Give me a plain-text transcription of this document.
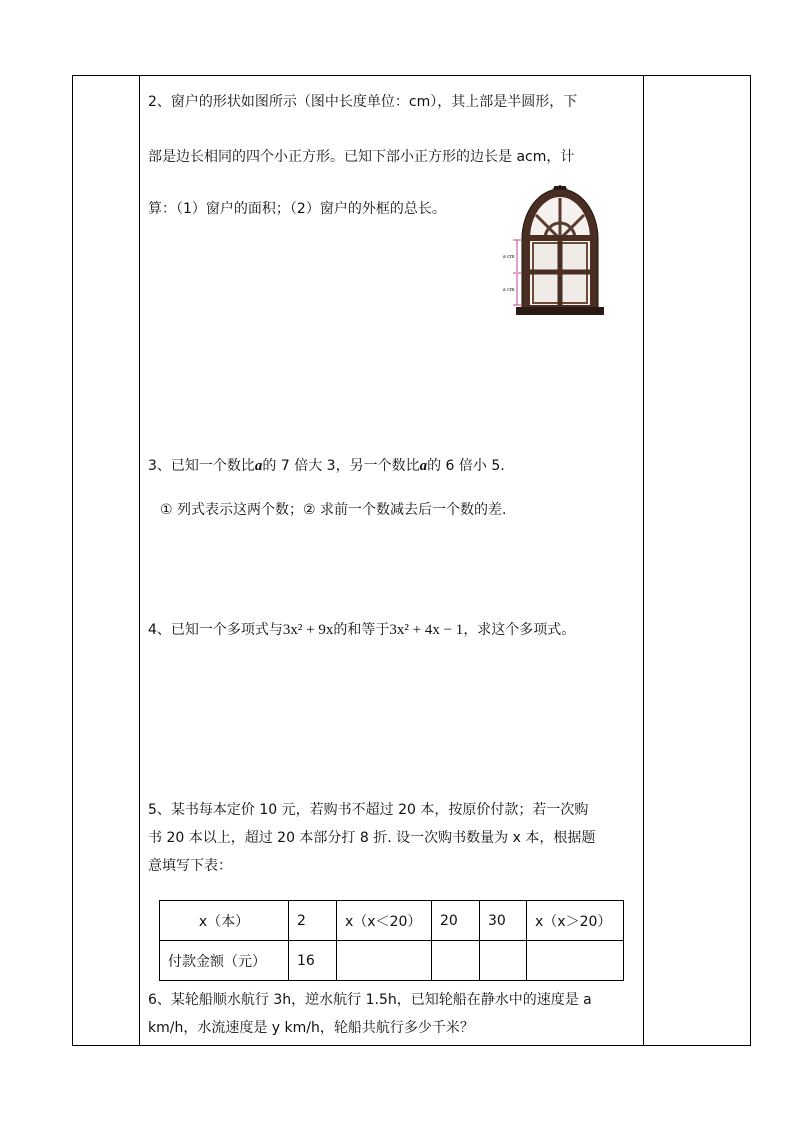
2、窗户的形状如图所示（图中长度单位：cm），其上部是半圆形，下
部是边长相同的四个小正方形。已知下部小正方形的边长是 acm，计
算：（1）窗户的面积；（2）窗户的外框的总长。
a cm
a cm
3、已知一个数比a的 7 倍大 3，另一个数比a的 6 倍小 5.
① 列式表示这两个数；② 求前一个数减去后一个数的差.
4、已知一个多项式与3x² + 9x的和等于3x² + 4x − 1，求这个多项式。
5、某书每本定价 10 元，若购书不超过 20 本，按原价付款；若一次购
书 20 本以上，超过 20 本部分打 8 折. 设一次购书数量为 x 本，根据题
意填写下表：
x（本）	2	x（x＜20）	20	30	x（x＞20）
付款金额（元）	16				
6、某轮船顺水航行 3h，逆水航行 1.5h，已知轮船在静水中的速度是 a
km/h，水流速度是 y km/h，轮船共航行多少千米？
